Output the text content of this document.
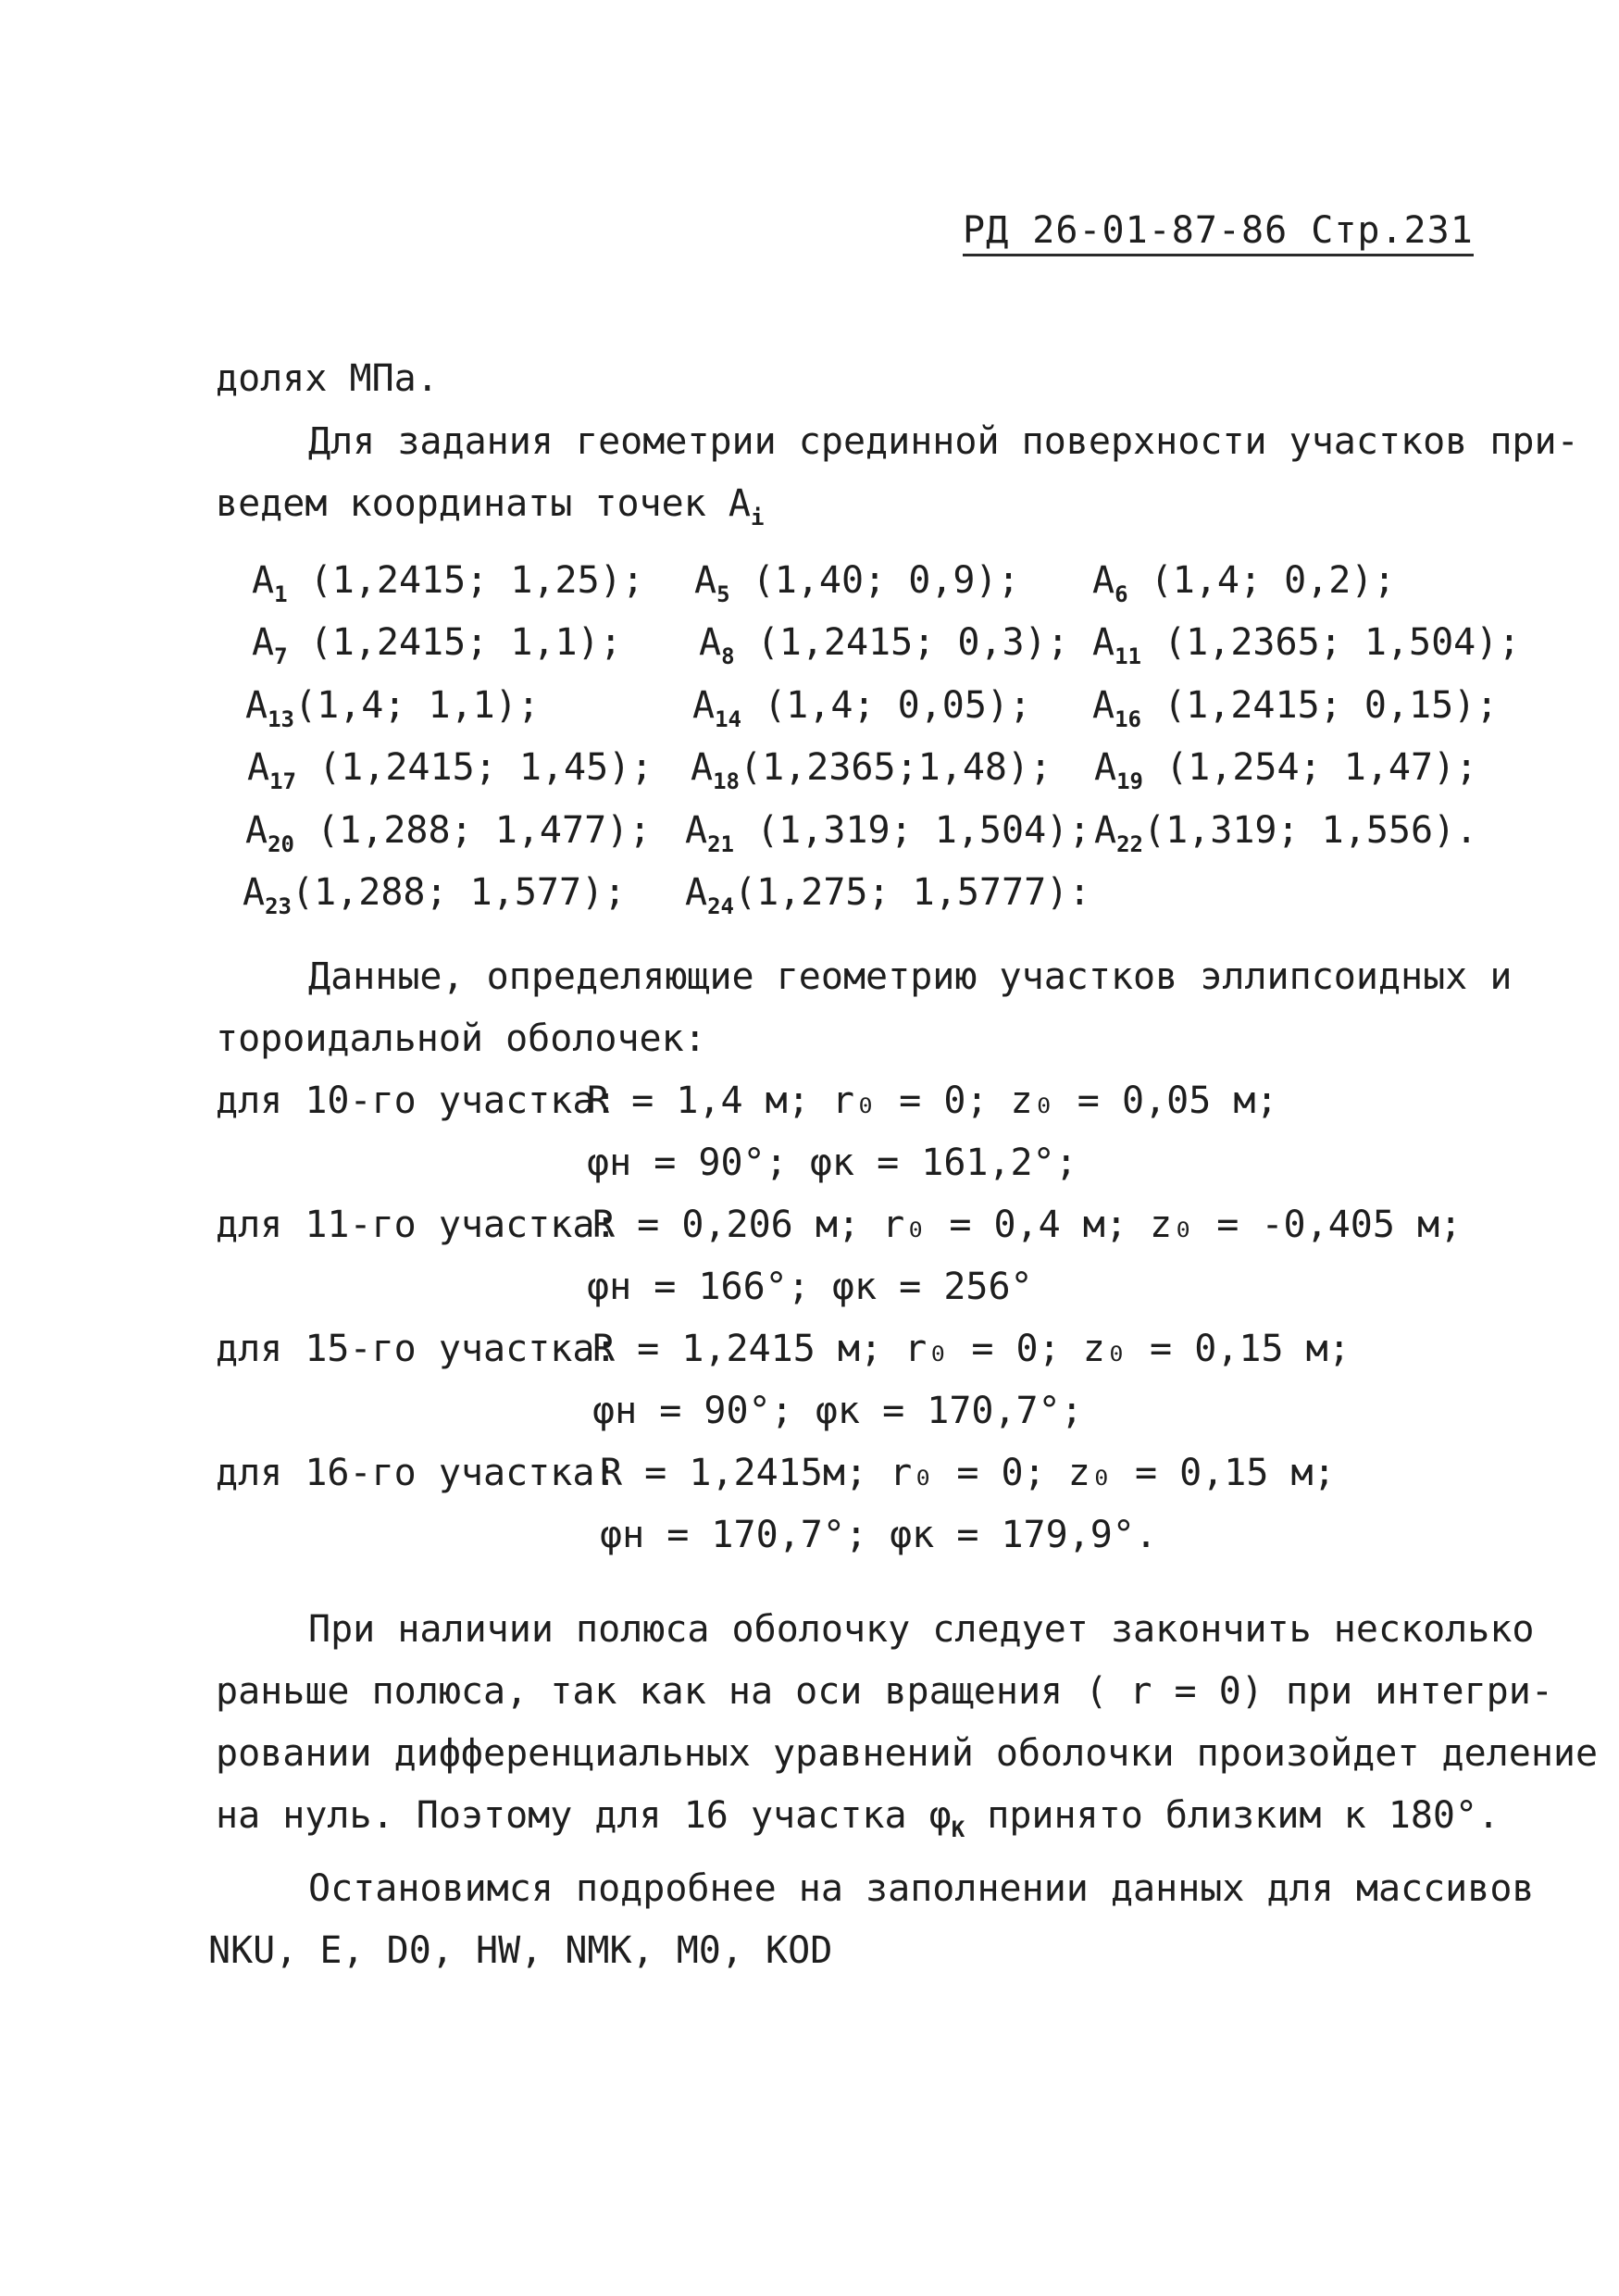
РД 26-01-87-86 Стр.231
долях МПа.
Для задания геометрии срединной поверхности участков при-
ведем координаты точек $A_i$
$A_1$ (1,2415; 1,25); $A_5$ (1,40; 0,9); $A_6$ (1,4; 0,2);
$A_7$ (1,2415; 1,1); $A_8$ (1,2415; 0,3); $A_{11}$ (1,2365; 1,504);
$A_{13}(1,4$; 1,1);	$A_{14}$ (1,4; 0,05); $A_{16}$ (1,2415; 0,15);
$A_{17}$ (1,2415; 1,45); $A_{18}(1,2365;1,48)$; $A_{19}$ (1,254; 1,47);
$A_{20}$ (1,288; 1,477); $A_{21}$ (1,319; 1,504); $A_{22}(1,319$; 1,556).
$A_{23}(1,288$; 1,577); $A_{24}(1,275$; 1,5777):
Данные, определяющие геометрию участков эллипсоидных и
тороидальной оболочек:
для 10-го участка:
R = 1,4 м; r₀ = 0; z₀ = 0,05 м;
φн = 90°; φк = 161,2°;
для 11-го участка:
R = 0,206 м; r₀ = 0,4 м; z₀ = -0,405 м;
φн = 166°; φк = 256°
для 15-го участка:
R = 1,2415 м; r₀ = 0; z₀ = 0,15 м;
φн = 90°; φк = 170,7°;
для 16-го участка:
R = 1,2415м; r₀ = 0; z₀ = 0,15 м;
φн = 170,7°; φк = 179,9°.
При наличии полюса оболочку следует закончить несколько
раньше полюса, так как на оси вращения ( r = 0) при интегри-
ровании дифференциальных уравнений оболочки произойдет деление
на нуль. Поэтому для 16 участка $\varphi_K$ принято близким к 180°.
Остановимся подробнее на заполнении данных для массивов
NKU, E, D0, HW, NMK, M0, KOD
